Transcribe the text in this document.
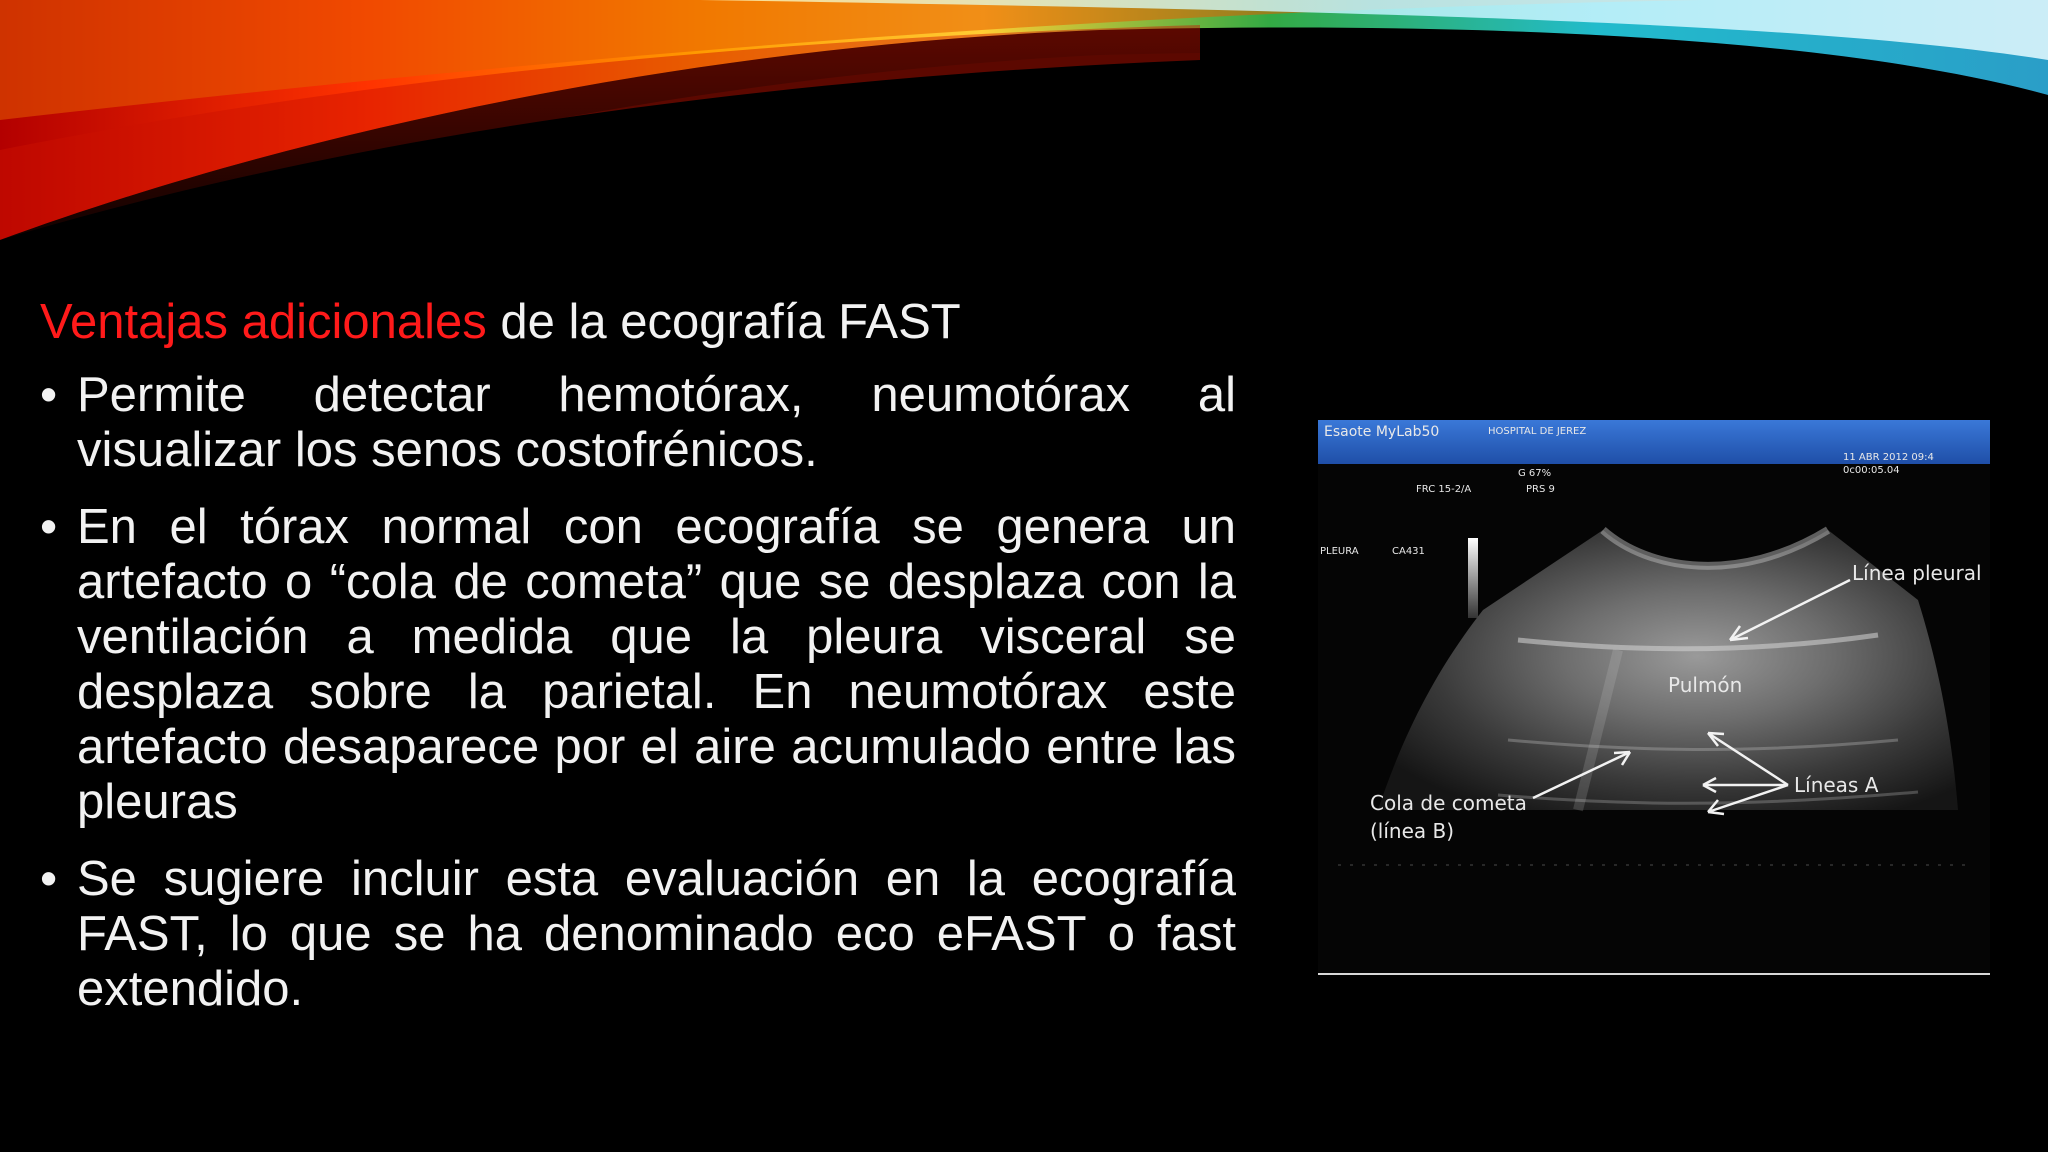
Ventajas adicionales de la ecografía FAST
• Permite detectar hemotórax, neumotórax al visualizar los senos costofrénicos.
• En el tórax normal con ecografía se genera un artefacto o “cola de cometa” que se desplaza con la ventilación a medida que la pleura visceral se desplaza sobre la parietal. En neumotórax este artefacto desaparece por el aire acumulado entre las pleuras
• Se sugiere incluir esta evaluación en la ecografía FAST, lo que se ha denominado eco eFAST o fast extendido.
Esaote MyLab50	HOSPITAL DE JEREZ
11 ABR 2012 09:4
0c00:05.04
FRC 15-2/A	PRS 9
G 67%
PLEURA	CA431
Línea pleural
Pulmón
Líneas A
Cola de cometa
(línea B)
